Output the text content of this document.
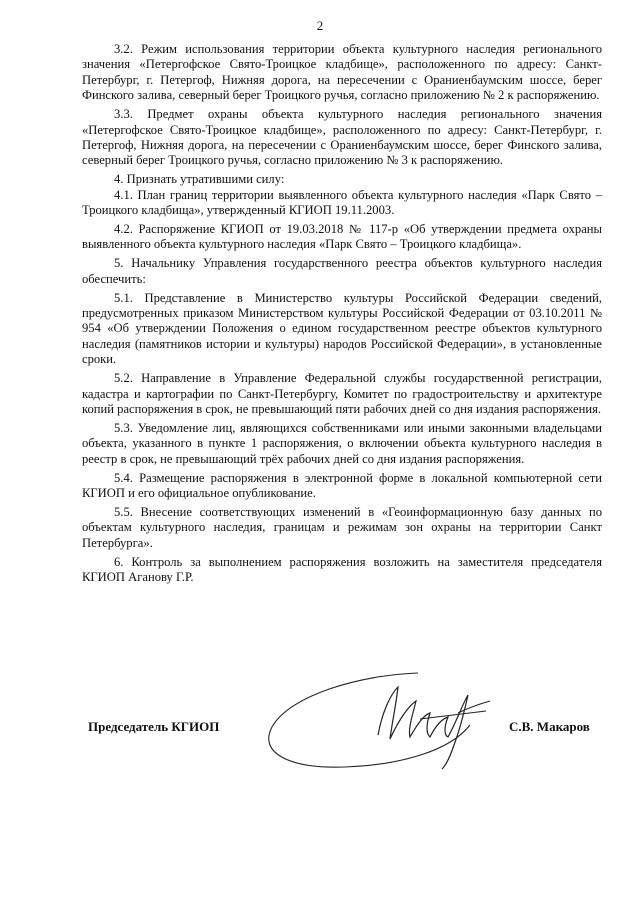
2

3.2. Режим использования территории объекта культурного наследия регионального значения «Петергофское Свято-Троицкое кладбище», расположенного по адресу: Санкт-Петербург, г. Петергоф, Нижняя дорога, на пересечении с Ораниенбаумским шоссе, берег Финского залива, северный берег Троицкого ручья, согласно приложению № 2 к распоряжению.

3.3. Предмет охраны объекта культурного наследия регионального значения «Петергофское Свято-Троицкое кладбище», расположенного по адресу: Санкт-Петербург, г. Петергоф, Нижняя дорога, на пересечении с Ораниенбаумским шоссе, берег Финского залива, северный берег Троицкого ручья, согласно приложению № 3 к распоряжению.

4. Признать утратившими силу:

4.1. План границ территории выявленного объекта культурного наследия «Парк Свято – Троицкого кладбища», утвержденный КГИОП 19.11.2003.

4.2. Распоряжение КГИОП от 19.03.2018 № 117-р «Об утверждении предмета охраны выявленного объекта культурного наследия «Парк Свято – Троицкого кладбища».

5. Начальнику Управления государственного реестра объектов культурного наследия обеспечить:

5.1. Представление в Министерство культуры Российской Федерации сведений, предусмотренных приказом Министерством культуры Российской Федерации от 03.10.2011 № 954 «Об утверждении Положения о едином государственном реестре объектов культурного наследия (памятников истории и культуры) народов Российской Федерации», в установленные сроки.

5.2. Направление в Управление Федеральной службы государственной регистрации, кадастра и картографии по Санкт-Петербургу, Комитет по градостроительству и архитектуре копий распоряжения в срок, не превышающий пяти рабочих дней со дня издания распоряжения.

5.3. Уведомление лиц, являющихся собственниками или иными законными владельцами объекта, указанного в пункте 1 распоряжения, о включении объекта культурного наследия в реестр в срок, не превышающий трёх рабочих дней со дня издания распоряжения.

5.4. Размещение распоряжения в электронной форме в локальной компьютерной сети КГИОП и его официальное опубликование.

5.5. Внесение соответствующих изменений в «Геоинформационную базу данных по объектам культурного наследия, границам и режимам зон охраны на территории Санкт Петербурга».

6. Контроль за выполнением распоряжения возложить на заместителя председателя КГИОП Аганову Г.Р.

Председатель КГИОП	С.В. Макаров
